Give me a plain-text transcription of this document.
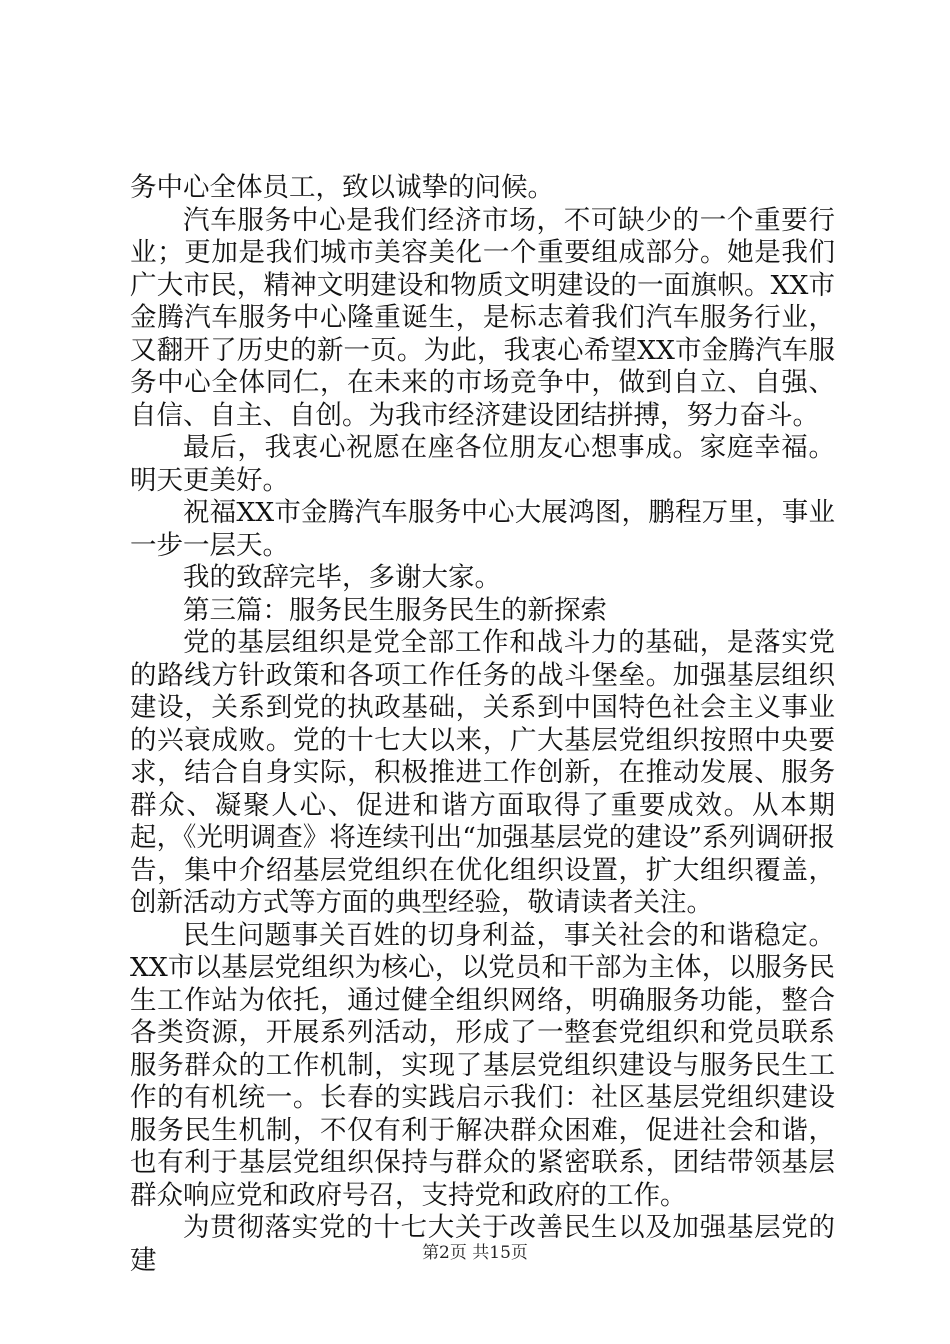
务中心全体员工，致以诚挚的问候。

汽车服务中心是我们经济市场，不可缺少的一个重要行业；更加是我们城市美容美化一个重要组成部分。她是我们广大市民，精神文明建设和物质文明建设的一面旗帜。XX市金腾汽车服务中心隆重诞生，是标志着我们汽车服务行业，又翻开了历史的新一页。为此，我衷心希望XX市金腾汽车服务中心全体同仁，在未来的市场竞争中，做到自立、自强、自信、自主、自创。为我市经济建设团结拼搏，努力奋斗。

最后，我衷心祝愿在座各位朋友心想事成。家庭幸福。明天更美好。

祝福XX市金腾汽车服务中心大展鸿图，鹏程万里，事业一步一层天。

我的致辞完毕，多谢大家。

第三篇：服务民生服务民生的新探索

党的基层组织是党全部工作和战斗力的基础，是落实党的路线方针政策和各项工作任务的战斗堡垒。加强基层组织建设，关系到党的执政基础，关系到中国特色社会主义事业的兴衰成败。党的十七大以来，广大基层党组织按照中央要求，结合自身实际，积极推进工作创新，在推动发展、服务群众、凝聚人心、促进和谐方面取得了重要成效。从本期起，《光明调查》将连续刊出“加强基层党的建设”系列调研报告，集中介绍基层党组织在优化组织设置，扩大组织覆盖，创新活动方式等方面的典型经验，敬请读者关注。

民生问题事关百姓的切身利益，事关社会的和谐稳定。XX市以基层党组织为核心，以党员和干部为主体，以服务民生工作站为依托，通过健全组织网络，明确服务功能，整合各类资源，开展系列活动，形成了一整套党组织和党员联系服务群众的工作机制，实现了基层党组织建设与服务民生工作的有机统一。长春的实践启示我们：社区基层党组织建设服务民生机制，不仅有利于解决群众困难，促进社会和谐，也有利于基层党组织保持与群众的紧密联系，团结带领基层群众响应党和政府号召，支持党和政府的工作。

为贯彻落实党的十七大关于改善民生以及加强基层党的建	第2页 共15页
